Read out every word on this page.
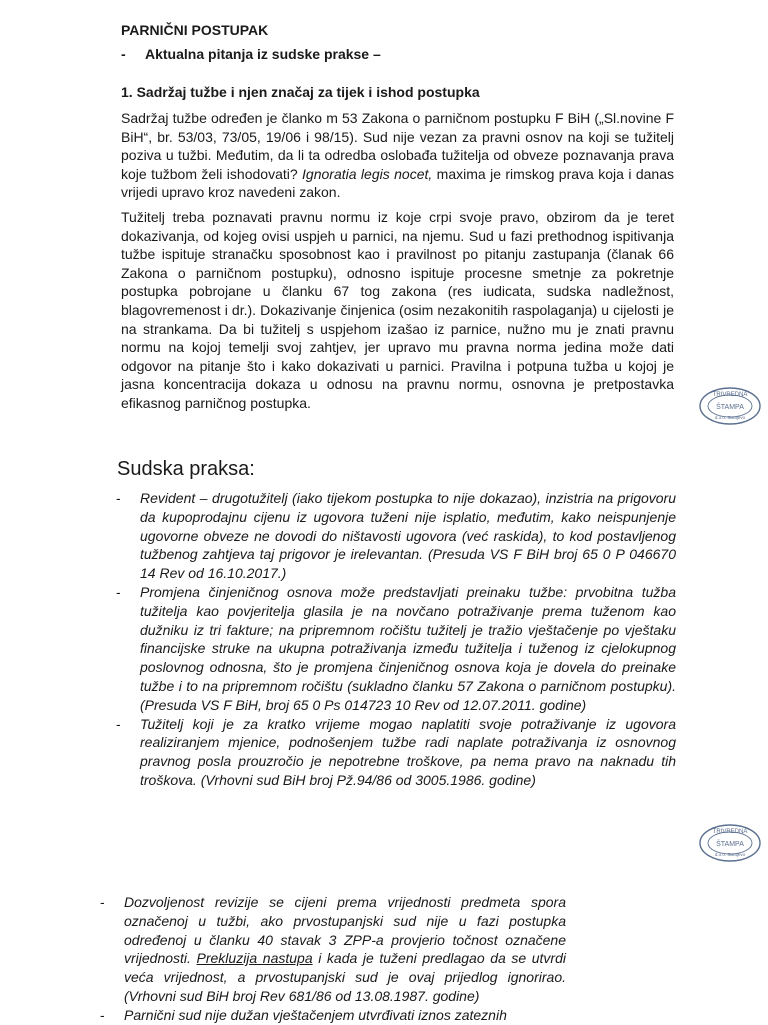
PARNIČNI POSTUPAK
- Aktualna pitanja iz sudske prakse –
1. Sadržaj tužbe i njen značaj za tijek i ishod postupka
Sadržaj tužbe određen je članko m 53 Zakona o parničnom postupku F BiH („Sl.novine F BiH“, br. 53/03, 73/05, 19/06 i 98/15). Sud nije vezan za pravni osnov na koji se tužitelj poziva u tužbi. Međutim, da li ta odredba oslobađa tužitelja od obveze poznavanja prava koje tužbom želi ishodovati? Ignoratia legis nocet, maxima je rimskog prava koja i danas vrijedi upravo kroz navedeni zakon.
Tužitelj treba poznavati pravnu normu iz koje crpi svoje pravo, obzirom da je teret dokazivanja, od kojeg ovisi uspjeh u parnici, na njemu. Sud u fazi prethodnog ispitivanja tužbe ispituje stranačku sposobnost kao i pravilnost po pitanju zastupanja (članak 66 Zakona o parničnom postupku), odnosno ispituje procesne smetnje za pokretnje postupka pobrojane u članku 67 tog zakona (res iudicata, sudska nadležnost, blagovremenost i dr.). Dokazivanje činjenica (osim nezakonitih raspolaganja) u cijelosti je na strankama. Da bi tužitelj s uspjehom izašao iz parnice, nužno mu je znati pravnu normu na kojoj temelji svoj zahtjev, jer upravo mu pravna norma jedina može dati odgovor na pitanje što i kako dokazivati u parnici. Pravilna i potpuna tužba u kojoj je jasna koncentracija dokaza u odnosu na pravnu normu, osnovna je pretpostavka efikasnog parničnog postupka.
Sudska praksa:
- Revident – drugotužitelj (iako tijekom postupka to nije dokazao), inzistria na prigovoru da kupoprodajnu cijenu iz ugovora tuženi nije isplatio, međutim, kako neispunjenje ugovorne obveze ne dovodi do ništavosti ugovora (već raskida), to kod postavljenog tužbenog zahtjeva taj prigovor je irelevantan. (Presuda VS F BiH broj 65 0 P 046670 14 Rev od 16.10.2017.)
- Promjena činjeničnog osnova može predstavljati preinaku tužbe: prvobitna tužba tužitelja kao povjeritelja glasila je na novčano potraživanje prema tuženom kao dužniku iz tri fakture; na pripremnom ročištu tužitelj je tražio vještačenje po vještaku financijske struke na ukupna potraživanja između tužitelja i tuženog iz cjelokupnog poslovnog odnosna, što je promjena činjeničnog osnova koja je dovela do preinake tužbe i to na pripremnom ročištu (sukladno članku 57 Zakona o parničnom postupku). (Presuda VS F BiH, broj 65 0 Ps 014723 10 Rev od 12.07.2011. godine)
- Tužitelj koji je za kratko vrijeme mogao naplatiti svoje potraživanje iz ugovora realiziranjem mjenice, podnošenjem tužbe radi naplate potraživanja iz osnovnog pravnog posla prouzročio je nepotrebne troškove, pa nema pravo na naknadu tih troškova. (Vrhovni sud BiH broj Pž.94/86 od 3005.1986. godine)
- Dozvoljenost revizije se cijeni prema vrijednosti predmeta spora označenoj u tužbi, ako prvostupanjski sud nije u fazi postupka određenoj u članku 40 stavak 3 ZPP-a provjerio točnost označene vrijednosti. Prekluzija nastupa i kada je tuženi predlagao da se utvrdi veća vrijednost, a prvostupanjski sud je ovaj prijedlog ignorirao. (Vrhovni sud BiH broj Rev 681/86 od 13.08.1987. godine)
- Parnični sud nije dužan vještačenjem utvrđivati iznos zateznih
TRIVREDNA
ŠTAMPA
d.o.o. Sarajevo
TRIVREDNA
ŠTAMPA
d.o.o. Sarajevo
